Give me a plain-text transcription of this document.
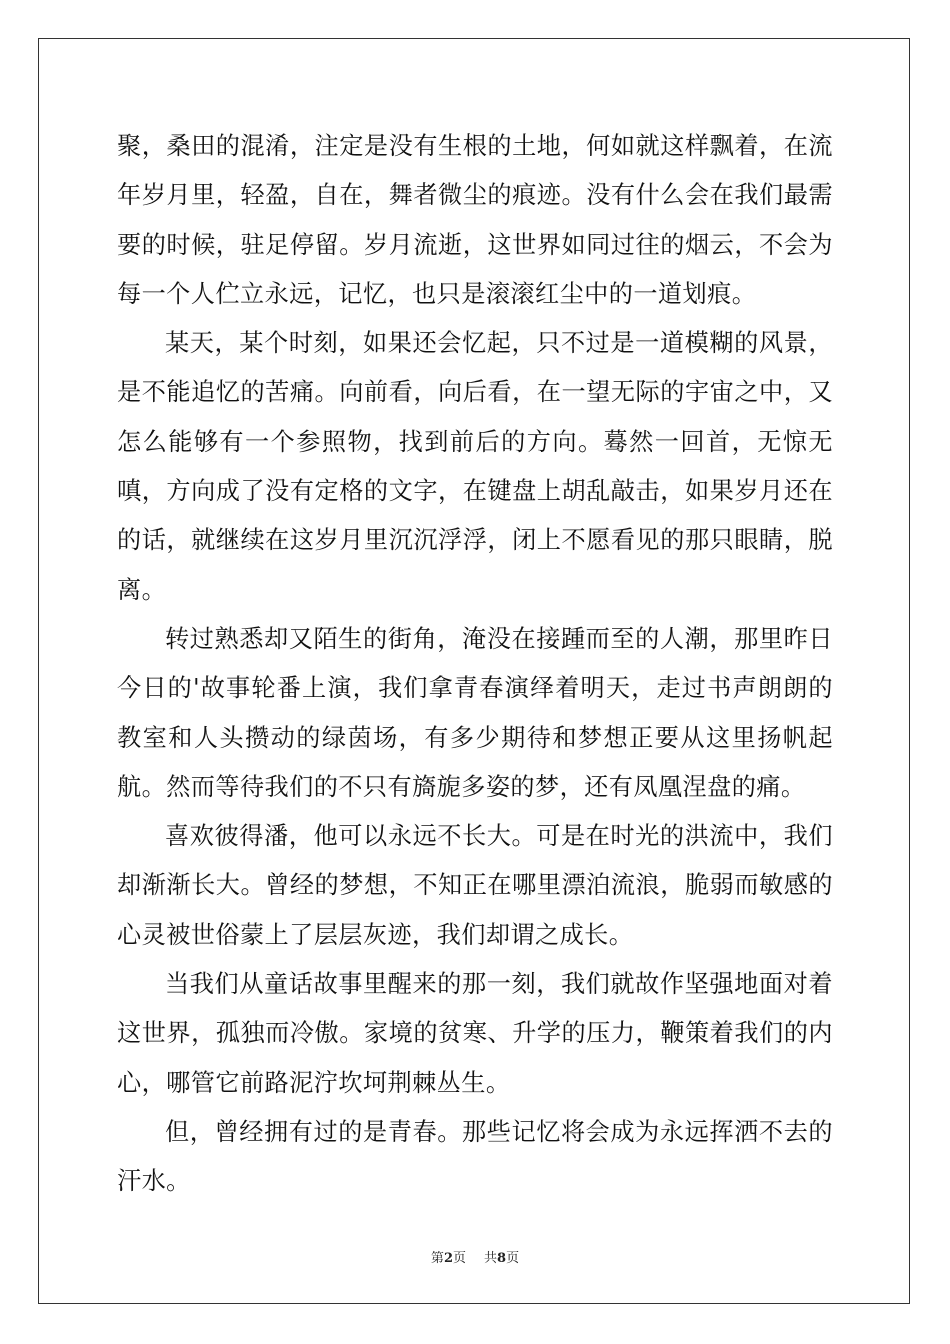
聚，桑田的混淆，注定是没有生根的土地，何如就这样飘着，在流年岁月里，轻盈，自在，舞者微尘的痕迹。没有什么会在我们最需要的时候，驻足停留。岁月流逝，这世界如同过往的烟云，不会为每一个人伫立永远，记忆，也只是滚滚红尘中的一道划痕。

某天，某个时刻，如果还会忆起，只不过是一道模糊的风景，是不能追忆的苦痛。向前看，向后看，在一望无际的宇宙之中，又怎么能够有一个参照物，找到前后的方向。蓦然一回首，无惊无嗔，方向成了没有定格的文字，在键盘上胡乱敲击，如果岁月还在的话，就继续在这岁月里沉沉浮浮，闭上不愿看见的那只眼睛，脱离。

转过熟悉却又陌生的街角，淹没在接踵而至的人潮，那里昨日今日的'故事轮番上演，我们拿青春演绎着明天，走过书声朗朗的教室和人头攒动的绿茵场，有多少期待和梦想正要从这里扬帆起航。然而等待我们的不只有旖旎多姿的梦，还有凤凰涅盘的痛。

喜欢彼得潘，他可以永远不长大。可是在时光的洪流中，我们却渐渐长大。曾经的梦想，不知正在哪里漂泊流浪，脆弱而敏感的心灵被世俗蒙上了层层灰迹，我们却谓之成长。

当我们从童话故事里醒来的那一刻，我们就故作坚强地面对着这世界，孤独而冷傲。家境的贫寒、升学的压力，鞭策着我们的内心，哪管它前路泥泞坎坷荆棘丛生。

但，曾经拥有过的是青春。那些记忆将会成为永远挥洒不去的汗水。

第2页 共8页
